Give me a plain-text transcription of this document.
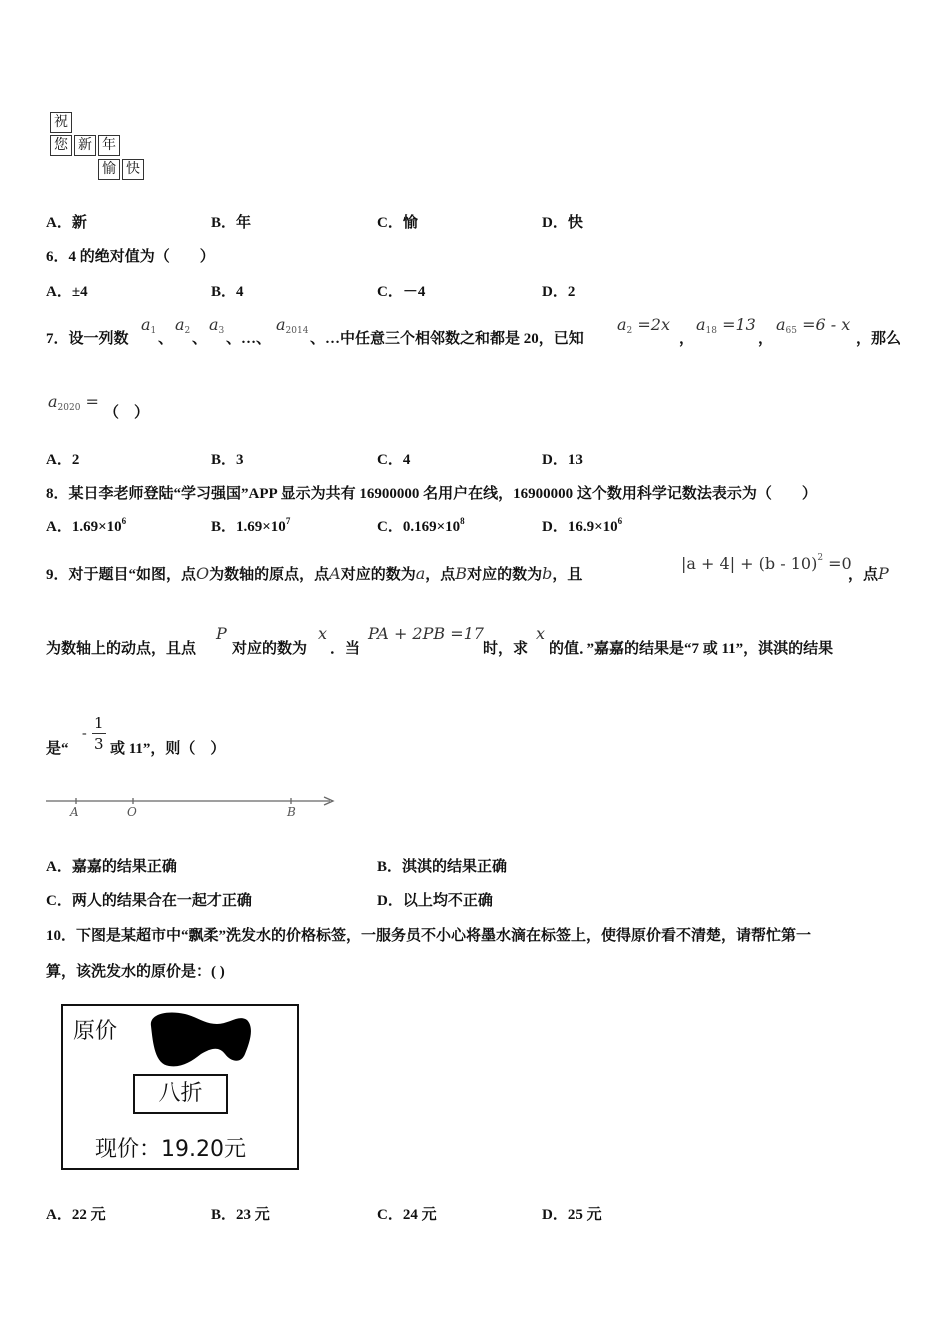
祝
您 新 年
愉 快
A．新	B．年	C．愉	D．快
6．4 的绝对值为（　　）
A．±4	B．4	C．－4	D．2
7．设一列数
$a_1$ 、
$a_2$ 、
$a_3$ 、…、
$a_{2014}$ 、…中任意三个相邻数之和都是 20，已知
$a_2 =2x$
，
$a_{18} =13$
，
$a_{65} =6 - x$
，那么
$a_{2020}$ =
（　）
A．2	B．3	C．4	D．13
8．某日李老师登陆“学习强国”APP 显示为共有 16900000 名用户在线，16900000 这个数用科学记数法表示为（　　）
A．$1.69\times 10^6$	B．$1.69\times 10^7$	C．$0.169\times 10^8$	D．$16.9\times 10^6$
9．对于题目“如图，点O为数轴的原点，点A对应的数为a，点B对应的数为b，且
|a + 4| + (b - 10)$^2$ =0
，点P
为数轴上的动点，且点
P
对应的数为
x
．当
PA + 2PB =17
时，求
x
的值．”嘉嘉的结果是“7 或 11”，淇淇的结果
是“
- $\frac{1}{3}$ 或 11”，则（　）
A	O	B
A．嘉嘉的结果正确	B．淇淇的结果正确
C．两人的结果合在一起才正确	D．以上均不正确
10．下图是某超市中“飘柔”洗发水的价格标签，一服务员不小心将墨水滴在标签上，使得原价看不清楚，请帮忙第一
算，该洗发水的原价是：( )
原价
八折
现价：19.20元
A．22 元	B．23 元	C．24 元	D．25 元
